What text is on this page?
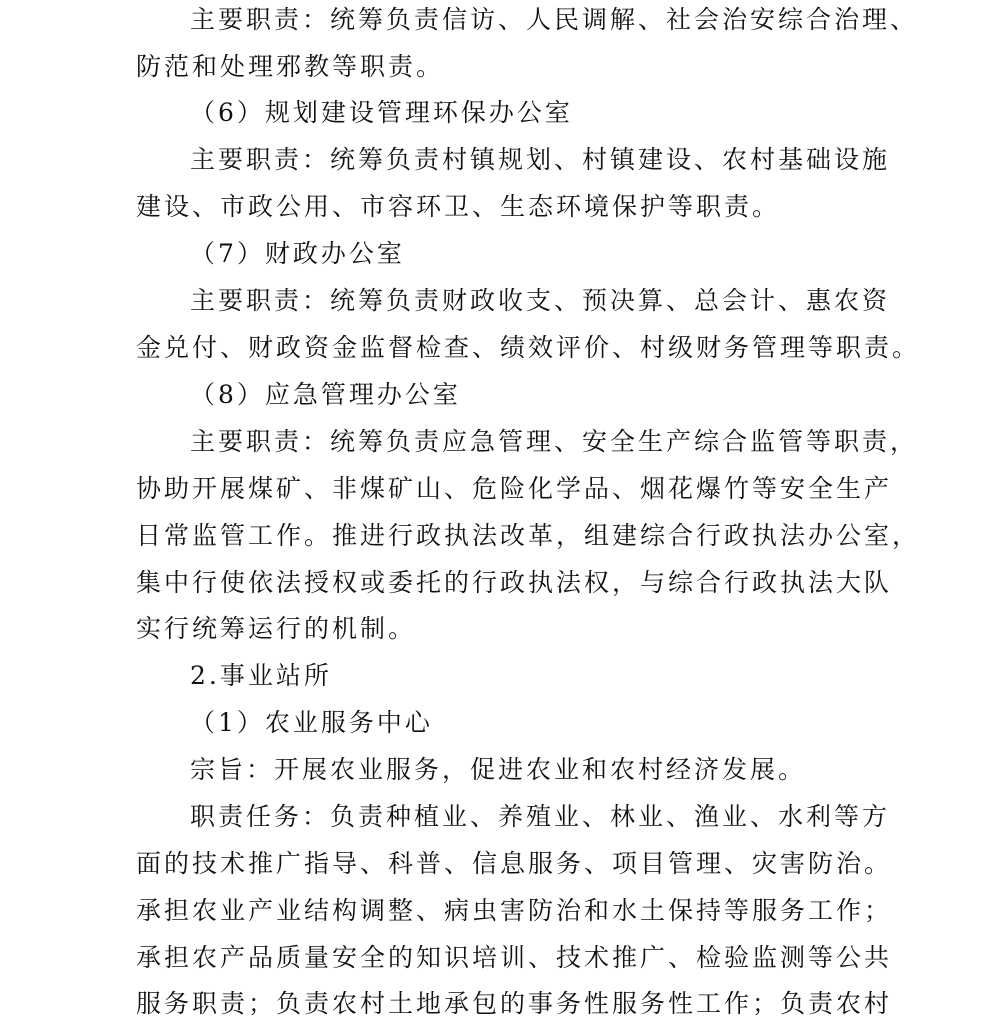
主要职责：统筹负责信访、人民调解、社会治安综合治理、
防范和处理邪教等职责。
（6）规划建设管理环保办公室
主要职责：统筹负责村镇规划、村镇建设、农村基础设施
建设、市政公用、市容环卫、生态环境保护等职责。
（7）财政办公室
主要职责：统筹负责财政收支、预决算、总会计、惠农资
金兑付、财政资金监督检查、绩效评价、村级财务管理等职责。
（8）应急管理办公室
主要职责：统筹负责应急管理、安全生产综合监管等职责，
协助开展煤矿、非煤矿山、危险化学品、烟花爆竹等安全生产
日常监管工作。推进行政执法改革，组建综合行政执法办公室，
集中行使依法授权或委托的行政执法权，与综合行政执法大队
实行统筹运行的机制。
2.事业站所
（1）农业服务中心
宗旨：开展农业服务，促进农业和农村经济发展。
职责任务：负责种植业、养殖业、林业、渔业、水利等方
面的技术推广指导、科普、信息服务、项目管理、灾害防治。
承担农业产业结构调整、病虫害防治和水土保持等服务工作；
承担农产品质量安全的知识培训、技术推广、检验监测等公共
服务职责；负责农村土地承包的事务性服务性工作；负责农村
